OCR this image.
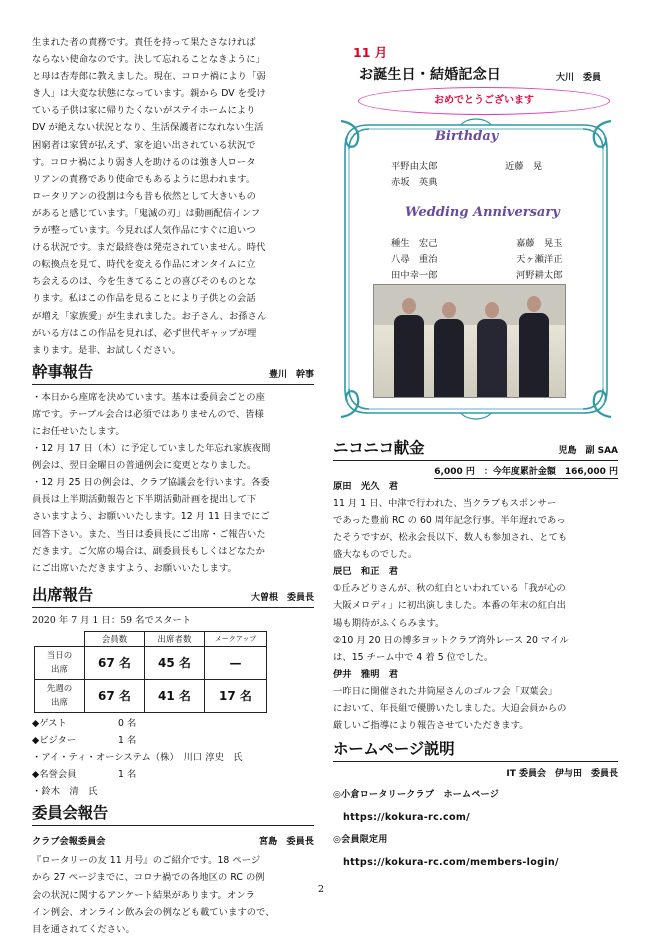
生まれた者の責務です。責任を持って果たさなければ
ならない使命なのです。決して忘れることなきように」
と母は杏寿郎に教えました。現在、コロナ禍により「弱
き人」は大変な状態になっています。親から DV を受け
ている子供は家に帰りたくないがステイホームにより
DV が絶えない状況となり、生活保護者になれない生活
困窮者は家賃が払えず、家を追い出されている状況で
す。コロナ禍により弱き人を助けるのは強き人ロータ
リアンの責務であり使命でもあるように思われます。
ロータリアンの役割は今も昔も依然として大きいもの
があると感じています。「鬼滅の刃」は動画配信インフ
ラが整っています。今見れば人気作品にすぐに追いつ
ける状況です。まだ最終巻は発売されていません。時代
の転換点を見て、時代を変える作品にオンタイムに立
ち会えるのは、今を生きてることの喜びそのものとな
ります。私はこの作品を見ることにより子供との会話
が増え「家族愛」が生まれました。お子さん、お孫さん
がいる方はこの作品を見れば、必ず世代ギャップが埋
まります。是非、お試しください。
幹事報告	豊川　幹事
・本日から座席を決めています。基本は委員会ごとの座
席です。テーブル会合は必須ではありませんので、皆様
にお任せいたします。
・12 月 17 日（木）に予定していました年忘れ家族夜間
例会は、翌日金曜日の普通例会に変更となりました。
・12 月 25 日の例会は、クラブ協議会を行います。各委
員長は上半期活動報告と下半期活動計画を提出して下
さいますよう、お願いいたします。12 月 11 日までにご
回答下さい。また、当日は委員長にご出席・ご報告いた
だきます。ご欠席の場合は、副委員長もしくはどなたか
にご出席いただきますよう、お願いいたします。
出席報告	大曽根　委員長
2020 年 7 月 1 日：59 名でスタート
	会員数	出席者数	メークアップ
当日の
出席	67 名	45 名	—
先週の
出席	67 名	41 名	17 名
◆ゲスト	0 名
◆ビジター	1 名
・アイ・ティ・オーシステム（株）　川口 淳史　氏
◆名誉会員	1 名
・鈴木　清　氏
委員会報告
クラブ会報委員会	宮島　委員長
『ロータリーの友 11 月号』のご紹介です。18 ページ
から 27 ページまでに、コロナ禍での各地区の RC の例
会の状況に関するアンケート結果があります。オンラ
イン例会、オンライン飲み会の例なども載ていますので、
目を通されてください。
11 月
お誕生日・結婚記念日	大川　委員
おめでとうございます
Birthday
平野由太郎	近藤　晃
赤坂　英典
Wedding Anniversary
種生　宏己	嘉藤　晃玉
八尋　重治	天ヶ瀬洋正
田中幸一郎	河野耕太郎
ニコニコ献金	児島　副 SAA
6,000 円　：今年度累計金額　166,000 円
原田　光久　君
11 月 1 日、中津で行われた、当クラブもスポンサー
であった豊前 RC の 60 周年記念行事。半年遅れであっ
たそうですが、松永会長以下、数人も参加され、とても
盛大なものでした。
辰巳　和正　君
①丘みどりさんが、秋の紅白といわれている「我が心の
大阪メロディ」に初出演しました。本番の年末の紅白出
場も期待がふくらみます。
②10 月 20 日の博多ヨットクラブ湾外レース 20 マイル
は、15 チーム中で 4 着 5 位でした。
伊井　雅明　君
一昨日に開催された井筒屋さんのゴルフ会「双葉会」
において、年長組で優勝いたしました。大迫会員からの
厳しいご指導により報告させていただきます。
ホームページ説明
IT 委員会　伊与田　委員長
◎小倉ロータリークラブ　ホームページ
https://kokura-rc.com/
◎会員限定用
https://kokura-rc.com/members-login/
2
